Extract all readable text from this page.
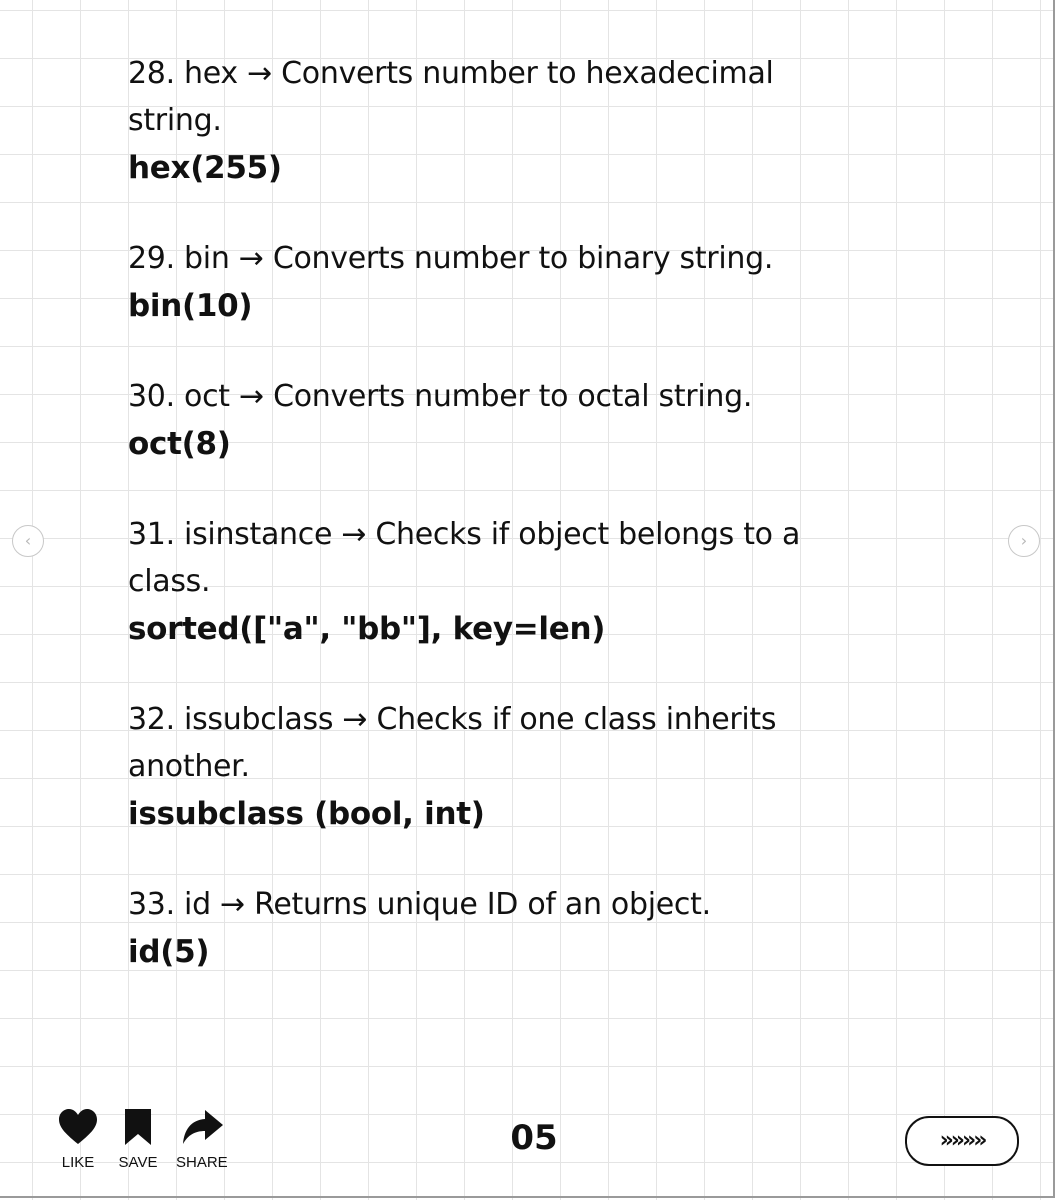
‹	›
28. hex → Converts number to hexadecimal
string.
hex(255)
29. bin → Converts number to binary string.
bin(10)
30. oct → Converts number to octal string.
oct(8)
31. isinstance → Checks if object belongs to a
class.
sorted(["a", "bb"], key=len)
32. issubclass → Checks if one class inherits
another.
issubclass (bool, int)
33. id → Returns unique ID of an object.
id(5)
LIKE SAVE SHARE
05	»»»»
